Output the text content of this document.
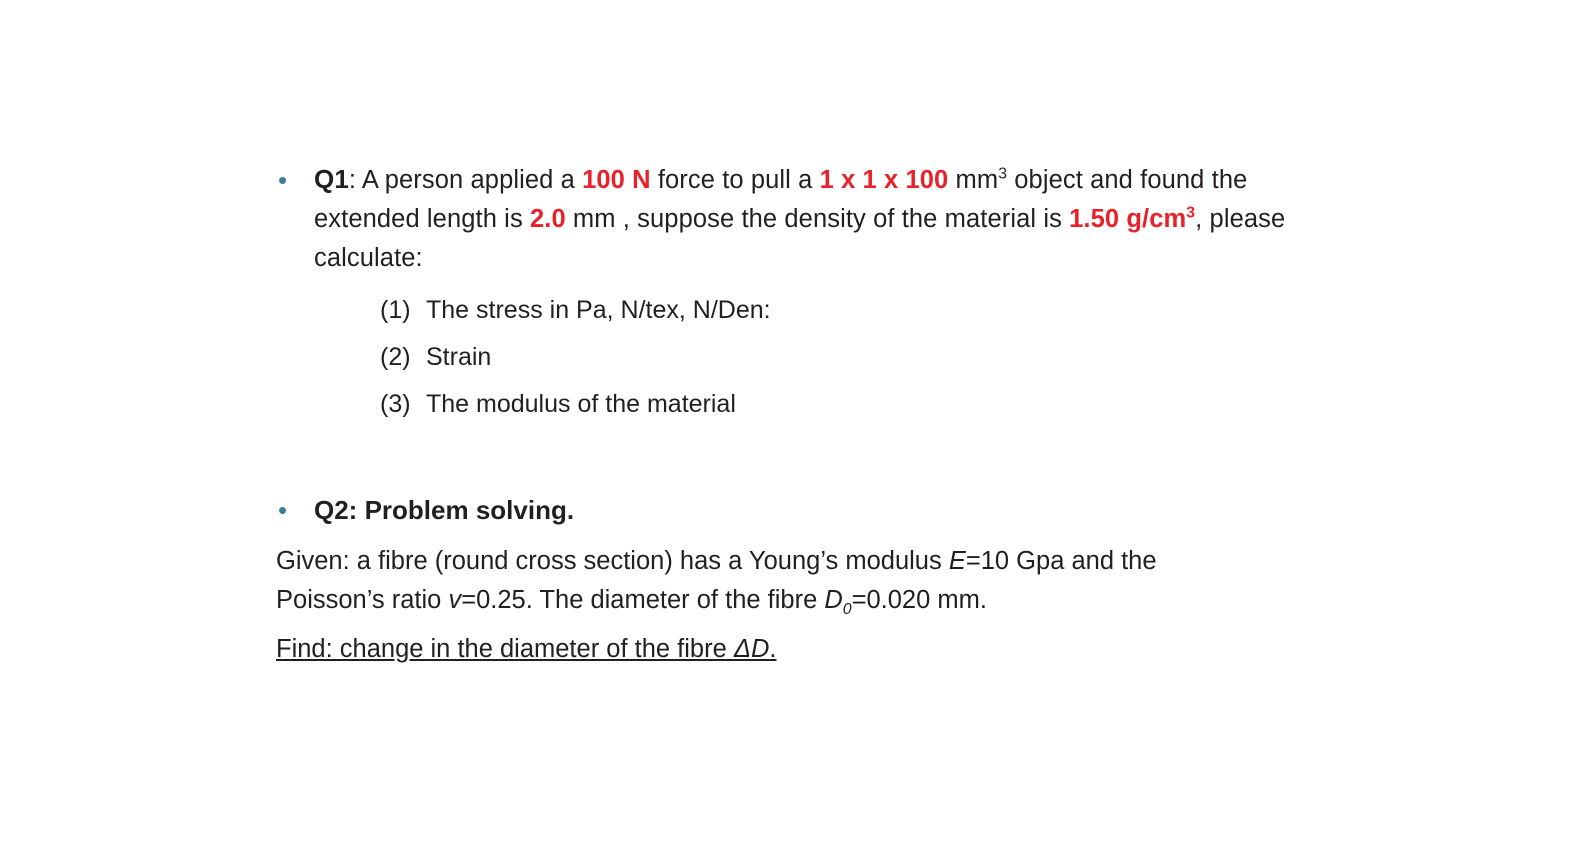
•	Q1: A person applied a 100 N force to pull a 1 x 1 x 100 $mm^3$ object and found the extended length is 2.0 mm , suppose the density of the material is 1.50 $g/cm^3$, please calculate:
(1) The stress in Pa, N/tex, N/Den:
(2) Strain
(3) The modulus of the material
•	Q2: Problem solving.
Given: a fibre (round cross section) has a Young’s modulus E=10 Gpa and the Poisson’s ratio v=0.25. The diameter of the fibre $D_0=0.020$ mm.
Find: change in the diameter of the fibre ΔD.
